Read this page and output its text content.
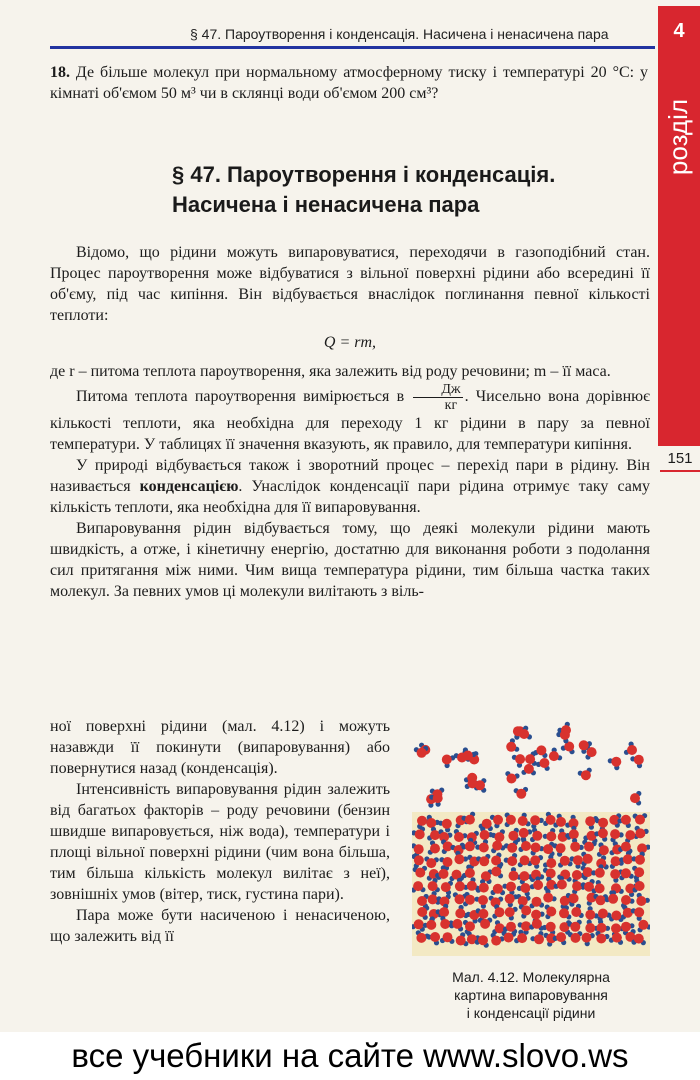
§ 47. Пароутворення і конденсація. Насичена і ненасичена пара	4
розділ
151
18. Де більше молекул при нормальному атмосферному тиску і температурі 20 °С: у кімнаті об'ємом 50 м³ чи в склянці води об'ємом 200 см³?
§ 47. Пароутворення і конденсація.
Насичена і ненасичена пара

Відомо, що рідини можуть випаровуватися, переходячи в газоподібний стан. Процес пароутворення може відбуватися з вільної поверхні рідини або всередині її об'єму, під час кипіння. Він відбувається внаслідок поглинання певної кількості теплоти:

Q = rm,

де r – питома теплота пароутворення, яка залежить від роду речовини; m – її маса.

Питома теплота пароутворення вимірюється в $\frac{Дж}{кг}$ . Чисельно вона дорівнює кількості теплоти, яка необхідна для переходу 1 кг рідини в пару за певної температури. У таблицях її значення вказують, як правило, для температури кипіння.

У природі відбувається також і зворотний процес – перехід пари в рідину. Він називається конденсацією. Унаслідок конденсації пари рідина отримує таку саму кількість теплоти, яка необхідна для її випаровування.

Випаровування рідин відбувається тому, що деякі молекули рідини мають швидкість, а отже, і кінетичну енергію, достатню для виконання роботи з подолання сил притягання між ними. Чим вища температура рідини, тим більша частка таких молекул. За певних умов ці молекули вилітають з віль-

ної поверхні рідини (мал. 4.12) і можуть назавжди її покинути (випаровування) або повернутися назад (конденсація).

Інтенсивність випаровування рідин залежить від багатьох факторів – роду речовини (бензин швидше випаровується, ніж вода), температури і площі вільної поверхні рідини (чим вона більша, тим більша кількість молекул вилітає з неї), зовнішніх умов (вітер, тиск, густина пари).

Пара може бути насиченою і ненасиченою, що залежить від її

Мал. 4.12. Молекулярна
картина випаровування
і конденсації рідини
все учебники на сайте www.slovo.ws
